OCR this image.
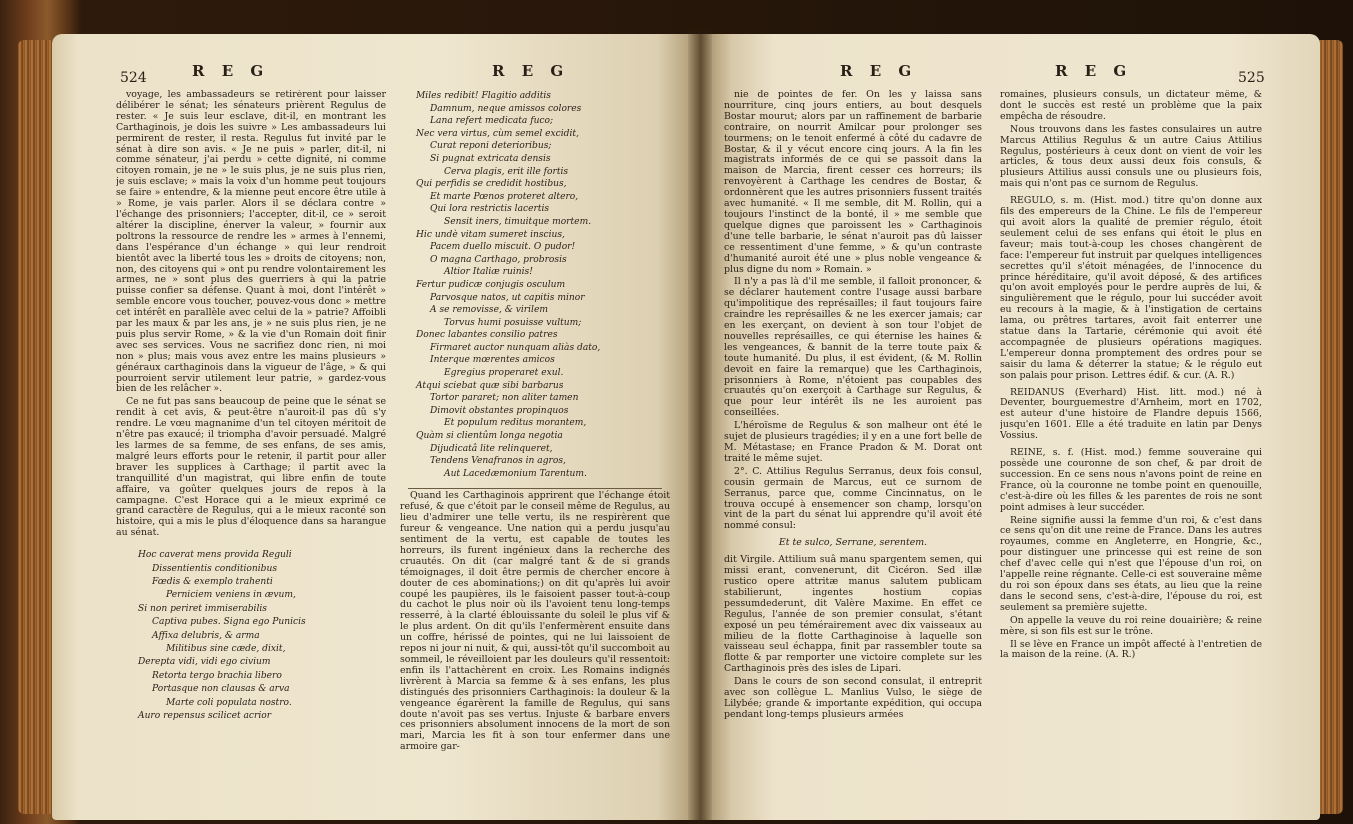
524	R E G	R E G

voyage, les ambassadeurs se retirèrent pour laisser délibérer le sénat; les sénateurs prièrent Regulus de rester. « Je suis leur esclave, dit-il, en montrant les Carthaginois, je dois les suivre » Les ambassadeurs lui permirent de rester, il resta. Regulus fut invité par le sénat à dire son avis. « Je ne puis » parler, dit-il, ni comme sénateur, j'ai perdu » cette dignité, ni comme citoyen romain, je ne » le suis plus, je ne suis plus rien, je suis esclave; » mais la voix d'un homme peut toujours se faire » entendre, & la mienne peut encore être utile à » Rome, je vais parler. Alors il se déclara contre » l'échange des prisonniers; l'accepter, dit-il, ce » seroit altérer la discipline, énerver la valeur, » fournir aux poltrons la ressource de rendre les » armes à l'ennemi, dans l'espérance d'un échange » qui leur rendroit bientôt avec la liberté tous les » droits de citoyens; non, non, des citoyens qui » ont pu rendre volontairement les armes, ne » sont plus des guerriers à qui la patrie puisse confier sa défense. Quant à moi, dont l'intérêt » semble encore vous toucher, pouvez-vous donc » mettre cet intérêt en parallèle avec celui de la » patrie? Affoibli par les maux & par les ans, je » ne suis plus rien, je ne puis plus servir Rome, » & la vie d'un Romain doit finir avec ses services. Vous ne sacrifiez donc rien, ni moi non » plus; mais vous avez entre les mains plusieurs » généraux carthaginois dans la vigueur de l'âge, » & qui pourroient servir utilement leur patrie, » gardez-vous bien de les relâcher ».

Ce ne fut pas sans beaucoup de peine que le sénat se rendit à cet avis, & peut-être n'auroit-il pas dû s'y rendre. Le vœu magnanime d'un tel citoyen méritoit de n'être pas exaucé; il triompha d'avoir persuadé. Malgré les larmes de sa femme, de ses enfans, de ses amis, malgré leurs efforts pour le retenir, il partit pour aller braver les supplices à Carthage; il partit avec la tranquillité d'un magistrat, qui libre enfin de toute affaire, va goûter quelques jours de repos à la campagne. C'est Horace qui a le mieux exprimé ce grand caractère de Regulus, qui a le mieux raconté son histoire, qui a mis le plus d'éloquence dans sa harangue au sénat.

Hoc caverat mens provida Reguli
Dissentientis conditionibus
Fœdis & exemplo trahenti
Perniciem veniens in ævum,
Si non periret immiserabilis
Captiva pubes. Signa ego Punicis
Affixa delubris, & arma
Militibus sine cæde, dixit,
Derepta vidi, vidi ego civium
Retorta tergo brachia libero
Portasque non clausas & arva
Marte coli populata nostro.
Auro repensus scilicet acrior
Miles redibit! Flagitio additis
Damnum, neque amissos colores
Lana refert medicata fuco;
Nec vera virtus, cùm semel excidit,
Curat reponi deterioribus;
Si pugnat extricata densis
Cerva plagis, erit ille fortis
Qui perfidis se credidit hostibus,
Et marte Pœnos proteret altero,
Qui lora restrictis lacertis
Sensit iners, timuitque mortem.
Hic undè vitam sumeret inscius,
Pacem duello miscuit. O pudor!
O magna Carthago, probrosis
Altior Italiæ ruinis!
Fertur pudicæ conjugis osculum
Parvosque natos, ut capitis minor
A se removisse, & virilem
Torvus humi posuisse vultum;
Donec labantes consilio patres
Firmaret auctor nunquam aliàs dato,
Interque mœrentes amicos
Egregius properaret exul.
Atqui sciebat quæ sibi barbarus
Tortor pararet; non aliter tamen
Dimovit obstantes propinquos
Et populum reditus morantem,
Quàm si clientûm longa negotia
Dijudicatâ lite relinqueret,
Tendens Venafranos in agros,
Aut Lacedæmonium Tarentum.

Quand les Carthaginois apprirent que l'échange étoit refusé, & que c'étoit par le conseil même de Regulus, au lieu d'admirer une telle vertu, ils ne respirèrent que fureur & vengeance. Une nation qui a perdu jusqu'au sentiment de la vertu, est capable de toutes les horreurs, ils furent ingénieux dans la recherche des cruautés. On dit (car malgré tant & de si grands témoignages, il doit être permis de chercher encore à douter de ces abominations;) on dit qu'après lui avoir coupé les paupières, ils le faisoient passer tout-à-coup du cachot le plus noir où ils l'avoient tenu long-temps resserré, à la clarté éblouissante du soleil le plus vif & le plus ardent. On dit qu'ils l'enfermèrent ensuite dans un coffre, hérissé de pointes, qui ne lui laissoient de repos ni jour ni nuit, & qui, aussi-tôt qu'il succomboit au sommeil, le réveilloient par les douleurs qu'il ressentoit: enfin ils l'attachèrent en croix. Les Romains indignés livrèrent à Marcia sa femme & à ses enfans, les plus distingués des prisonniers Carthaginois: la douleur & la vengeance égarèrent la famille de Regulus, qui sans doute n'avoit pas ses vertus. Injuste & barbare envers ces prisonniers absolument innocens de la mort de son mari, Marcia les fit à son tour enfermer dans une armoire gar-

R E G	R E G	525

nie de pointes de fer. On les y laissa sans nourriture, cinq jours entiers, au bout desquels Bostar mourut; alors par un raffinement de barbarie contraire, on nourrit Amilcar pour prolonger ses tourmens; on le tenoit enfermé à côté du cadavre de Bostar, & il y vécut encore cinq jours. A la fin les magistrats informés de ce qui se passoit dans la maison de Marcia, firent cesser ces horreurs; ils renvoyèrent à Carthage les cendres de Bostar, & ordonnèrent que les autres prisonniers fussent traités avec humanité. « Il me semble, dit M. Rollin, qui a toujours l'instinct de la bonté, il » me semble que quelque dignes que paroissent les » Carthaginois d'une telle barbarie, le sénat n'auroit pas dû laisser ce ressentiment d'une femme, » & qu'un contraste d'humanité auroit été une » plus noble vengeance & plus digne du nom » Romain. »

Il n'y a pas là d'il me semble, il falloit prononcer, & se déclarer hautement contre l'usage aussi barbare qu'impolitique des représailles; il faut toujours faire craindre les représailles & ne les exercer jamais; car en les exerçant, on devient à son tour l'objet de nouvelles représailles, ce qui éternise les haines & les vengeances, & bannit de la terre toute paix & toute humanité. Du plus, il est évident, (& M. Rollin devoit en faire la remarque) que les Carthaginois, prisonniers à Rome, n'étoient pas coupables des cruautés qu'on exerçoit à Carthage sur Regulus, & que pour leur intérêt ils ne les auroient pas conseillées.

L'héroïsme de Regulus & son malheur ont été le sujet de plusieurs tragédies; il y en a une fort belle de M. Métastase; en France Pradon & M. Dorat ont traité le même sujet.

2°. C. Attilius Regulus Serranus, deux fois consul, cousin germain de Marcus, eut ce surnom de Serranus, parce que, comme Cincinnatus, on le trouva occupé à ensemencer son champ, lorsqu'on vint de la part du sénat lui apprendre qu'il avoit été nommé consul:

Et te sulco, Serrane, serentem.

dit Virgile. Attilium suâ manu spargentem semen, qui missi erant, convenerunt, dit Cicéron. Sed illæ rustico opere attritæ manus salutem publicam stabilierunt, ingentes hostium copias pessumdederunt, dit Valère Maxime. En effet ce Regulus, l'année de son premier consulat, s'étant exposé un peu témérairement avec dix vaisseaux au milieu de la flotte Carthaginoise à laquelle son vaisseau seul échappa, finit par rassembler toute sa flotte & par remporter une victoire complete sur les Carthaginois près des isles de Lipari.

Dans le cours de son second consulat, il entreprit avec son collègue L. Manlius Vulso, le siège de Lilybée; grande & importante expédition, qui occupa pendant long-temps plusieurs armées

romaines, plusieurs consuls, un dictateur même, & dont le succès est resté un problème que la paix empêcha de résoudre.

Nous trouvons dans les fastes consulaires un autre Marcus Attilius Regulus & un autre Caius Attilius Regulus, postérieurs à ceux dont on vient de voir les articles, & tous deux aussi deux fois consuls, & plusieurs Attilius aussi consuls une ou plusieurs fois, mais qui n'ont pas ce surnom de Regulus.

REGULO, s. m. (Hist. mod.) titre qu'on donne aux fils des empereurs de la Chine. Le fils de l'empereur qui avoit alors la qualité de premier régulo, étoit seulement celui de ses enfans qui étoit le plus en faveur; mais tout-à-coup les choses changèrent de face: l'empereur fut instruit par quelques intelligences secrettes qu'il s'étoit ménagées, de l'innocence du prince héréditaire, qu'il avoit déposé, & des artifices qu'on avoit employés pour le perdre auprès de lui, & singulièrement que le régulo, pour lui succéder avoit eu recours à la magie, & à l'instigation de certains lama, ou prêtres tartares, avoit fait enterrer une statue dans la Tartarie, cérémonie qui avoit été accompagnée de plusieurs opérations magiques. L'empereur donna promptement des ordres pour se saisir du lama & déterrer la statue; & le régulo eut son palais pour prison. Lettres édif. & cur. (A. R.)

REIDANUS (Everhard) Hist. litt. mod.) né à Deventer, bourguemestre d'Arnheim, mort en 1702, est auteur d'une histoire de Flandre depuis 1566, jusqu'en 1601. Elle a été traduite en latin par Denys Vossius.

REINE, s. f. (Hist. mod.) femme souveraine qui possède une couronne de son chef, & par droit de succession. En ce sens nous n'avons point de reine en France, où la couronne ne tombe point en quenouille, c'est-à-dire où les filles & les parentes de rois ne sont point admises à leur succéder.

Reine signifie aussi la femme d'un roi, & c'est dans ce sens qu'on dit une reine de France. Dans les autres royaumes, comme en Angleterre, en Hongrie, &c., pour distinguer une princesse qui est reine de son chef d'avec celle qui n'est que l'épouse d'un roi, on l'appelle reine régnante. Celle-ci est souveraine même du roi son époux dans ses états, au lieu que la reine dans le second sens, c'est-à-dire, l'épouse du roi, est seulement sa première sujette.

On appelle la veuve du roi reine douairière; & reine mère, si son fils est sur le trône.

Il se lève en France un impôt affecté à l'entretien de la maison de la reine. (A. R.)
